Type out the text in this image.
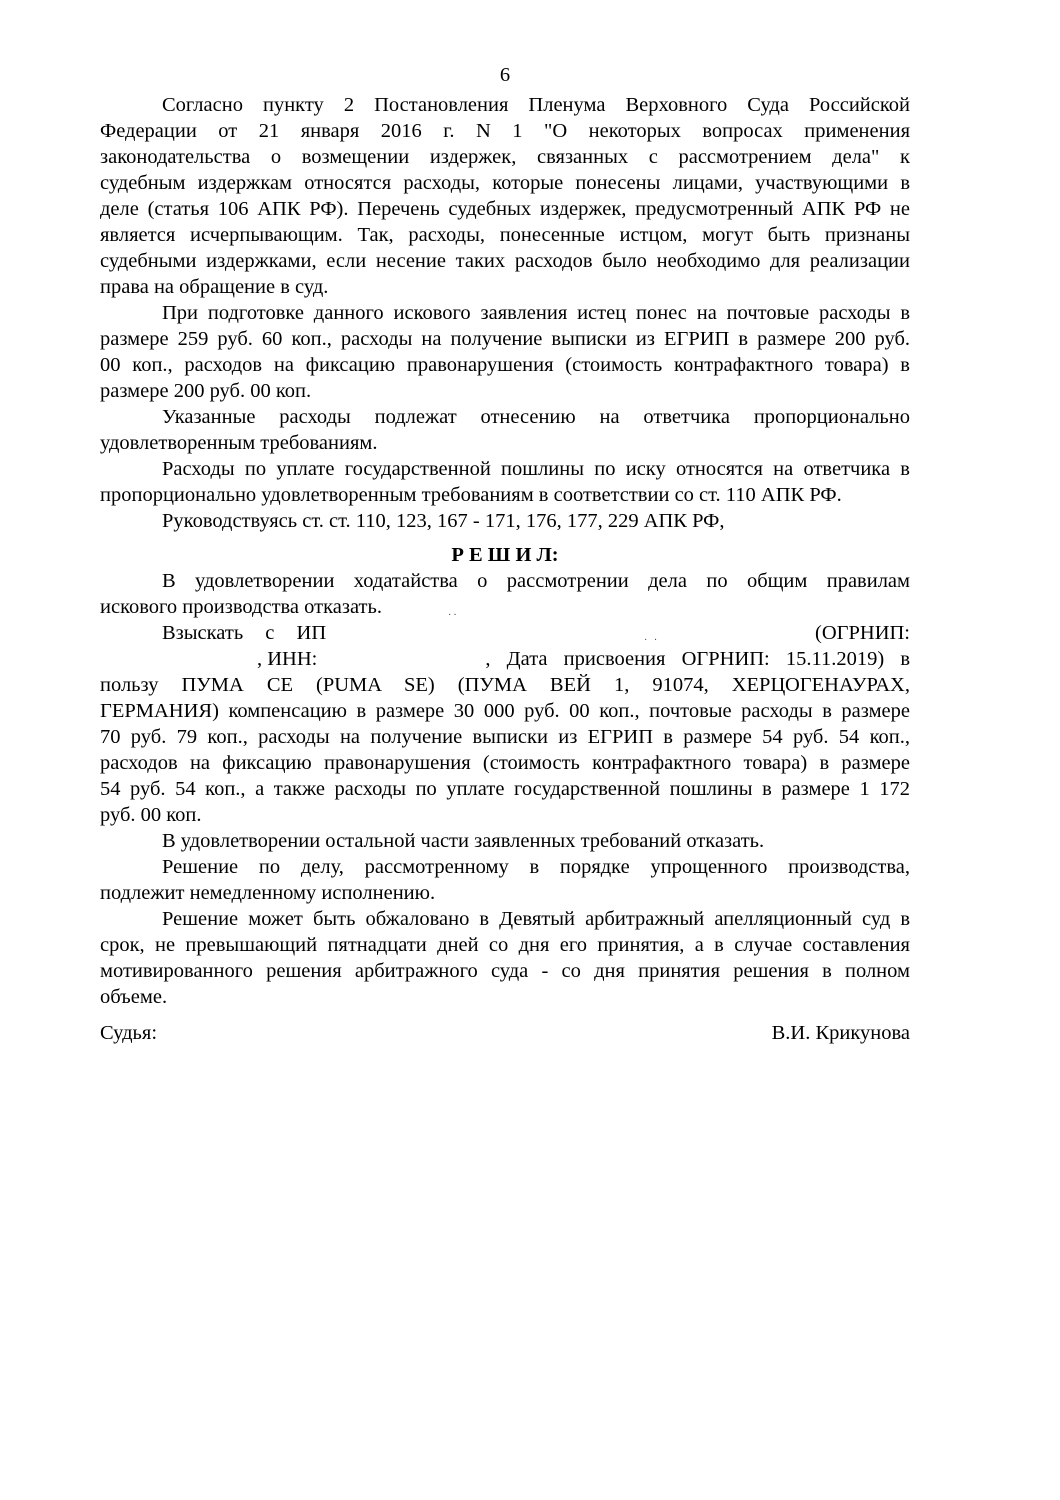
6
··
· ·
Согласно пункту 2 Постановления Пленума Верховного Суда Российской
Федерации от 21 января 2016 г. N 1 "О некоторых вопросах применения
законодательства о возмещении издержек, связанных с рассмотрением дела" к
судебным издержкам относятся расходы, которые понесены лицами, участвующими в
деле (статья 106 АПК РФ). Перечень судебных издержек, предусмотренный АПК РФ не
является исчерпывающим. Так, расходы, понесенные истцом, могут быть признаны
судебными издержками, если несение таких расходов было необходимо для реализации
права на обращение в суд.
При подготовке данного искового заявления истец понес на почтовые расходы в
размере 259 руб. 60 коп., расходы на получение выписки из ЕГРИП в размере 200 руб.
00 коп., расходов на фиксацию правонарушения (стоимость контрафактного товара) в
размере 200 руб. 00 коп.
Указанные расходы подлежат отнесению на ответчика пропорционально
удовлетворенным требованиям.
Расходы по уплате государственной пошлины по иску относятся на ответчика в
пропорционально удовлетворенным требованиям в соответствии со ст. 110 АПК РФ.
Руководствуясь ст. ст. 110, 123, 167 - 171, 176, 177, 229 АПК РФ,
Р Е Ш И Л:
В удовлетворении ходатайства о рассмотрении дела по общим правилам
искового производства отказать.
Взыскать с ИП	(ОГРНИП:
, ИНН:	, Дата присвоения ОГРНИП: 15.11.2019) в
пользу ПУМА СЕ (PUMA SE) (ПУМА ВЕЙ 1, 91074, ХЕРЦОГЕНАУРАХ,
ГЕРМАНИЯ) компенсацию в размере 30 000 руб. 00 коп., почтовые расходы в размере
70 руб. 79 коп., расходы на получение выписки из ЕГРИП в размере 54 руб. 54 коп.,
расходов на фиксацию правонарушения (стоимость контрафактного товара) в размере
54 руб. 54 коп., а также расходы по уплате государственной пошлины в размере 1 172
руб. 00 коп.
В удовлетворении остальной части заявленных требований отказать.
Решение по делу, рассмотренному в порядке упрощенного производства,
подлежит немедленному исполнению.
Решение может быть обжаловано в Девятый арбитражный апелляционный суд в
срок, не превышающий пятнадцати дней со дня его принятия, а в случае составления
мотивированного решения арбитражного суда - со дня принятия решения в полном
объеме.
Судья:	В.И. Крикунова
